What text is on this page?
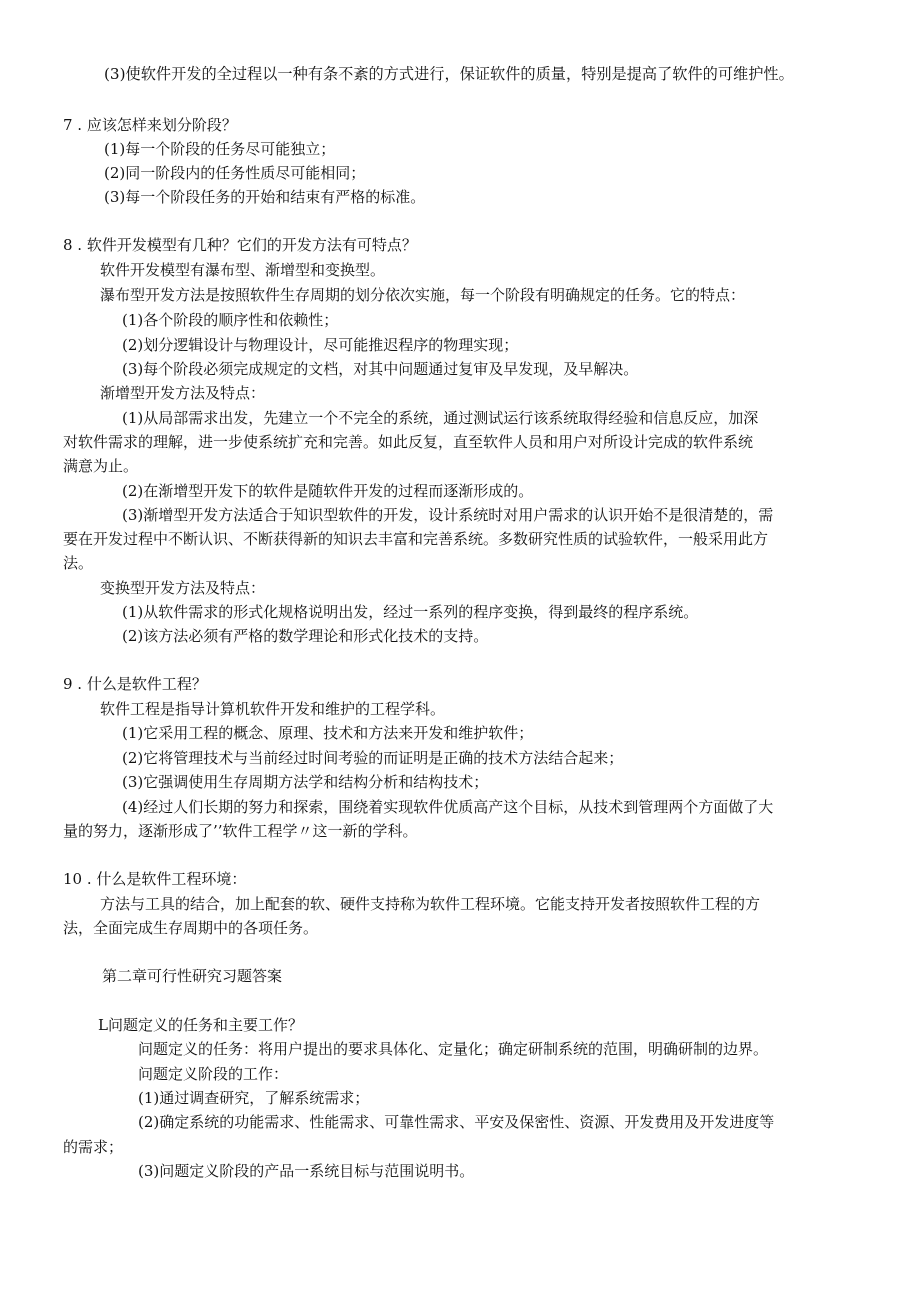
(3)使软件开发的全过程以一种有条不紊的方式进行，保证软件的质量，特别是提高了软件的可维护性。
7 . 应该怎样来划分阶段？
(1)每一个阶段的任务尽可能独立；
(2)同一阶段内的任务性质尽可能相同；
(3)每一个阶段任务的开始和结束有严格的标准。
8 . 软件开发模型有几种？它们的开发方法有可特点？
软件开发模型有瀑布型、渐增型和变换型。
瀑布型开发方法是按照软件生存周期的划分依次实施，每一个阶段有明确规定的任务。它的特点：
(1)各个阶段的顺序性和依赖性；
(2)划分逻辑设计与物理设计，尽可能推迟程序的物理实现；
(3)每个阶段必须完成规定的文档，对其中问题通过复审及早发现，及早解决。
渐增型开发方法及特点：
(1)从局部需求出发，先建立一个不完全的系统，通过测试运行该系统取得经验和信息反应，加深
对软件需求的理解，进一步使系统扩充和完善。如此反复，直至软件人员和用户对所设计完成的软件系统
满意为止。
(2)在渐增型开发下的软件是随软件开发的过程而逐渐形成的。
(3)渐增型开发方法适合于知识型软件的开发，设计系统时对用户需求的认识开始不是很清楚的，需
要在开发过程中不断认识、不断获得新的知识去丰富和完善系统。多数研究性质的试验软件，一般采用此方
法。
变换型开发方法及特点：
(1)从软件需求的形式化规格说明出发，经过一系列的程序变换，得到最终的程序系统。
(2)该方法必须有严格的数学理论和形式化技术的支持。
9 . 什么是软件工程？
软件工程是指导计算机软件开发和维护的工程学科。
(1)它采用工程的概念、原理、技术和方法来开发和维护软件；
(2)它将管理技术与当前经过时间考验的而证明是正确的技术方法结合起来；
(3)它强调使用生存周期方法学和结构分析和结构技术；
(4)经过人们长期的努力和探索，围绕着实现软件优质高产这个目标，从技术到管理两个方面做了大
量的努力，逐渐形成了’’软件工程学〃这一新的学科。
10 . 什么是软件工程环境：
方法与工具的结合，加上配套的软、硬件支持称为软件工程环境。它能支持开发者按照软件工程的方
法，全面完成生存周期中的各项任务。
第二章可行性研究习题答案
L问题定义的任务和主要工作？
问题定义的任务：将用户提出的要求具体化、定量化；确定研制系统的范围，明确研制的边界。
问题定义阶段的工作：
(1)通过调查研究，了解系统需求；
(2)确定系统的功能需求、性能需求、可靠性需求、平安及保密性、资源、开发费用及开发进度等
的需求；
(3)问题定义阶段的产品一系统目标与范围说明书。
